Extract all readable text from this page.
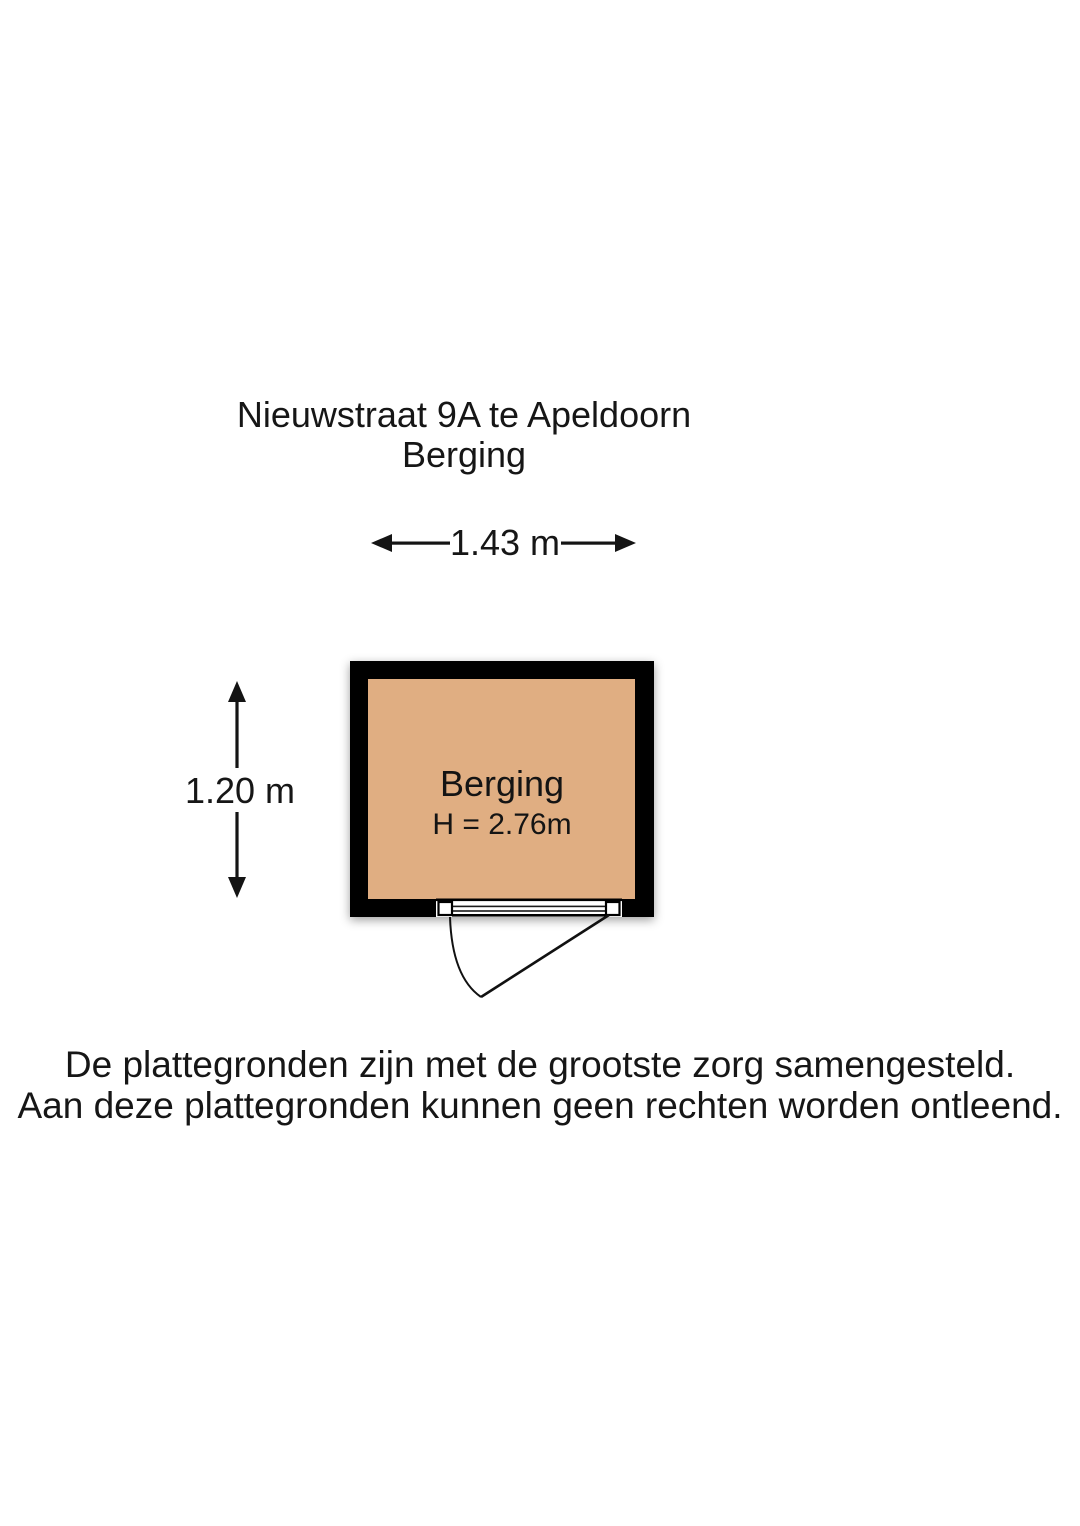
Nieuwstraat 9A te Apeldoorn
Berging
1.43 m
1.20 m	Berging
H = 2.76m
De plattegronden zijn met de grootste zorg samengesteld.
Aan deze plattegronden kunnen geen rechten worden ontleend.
